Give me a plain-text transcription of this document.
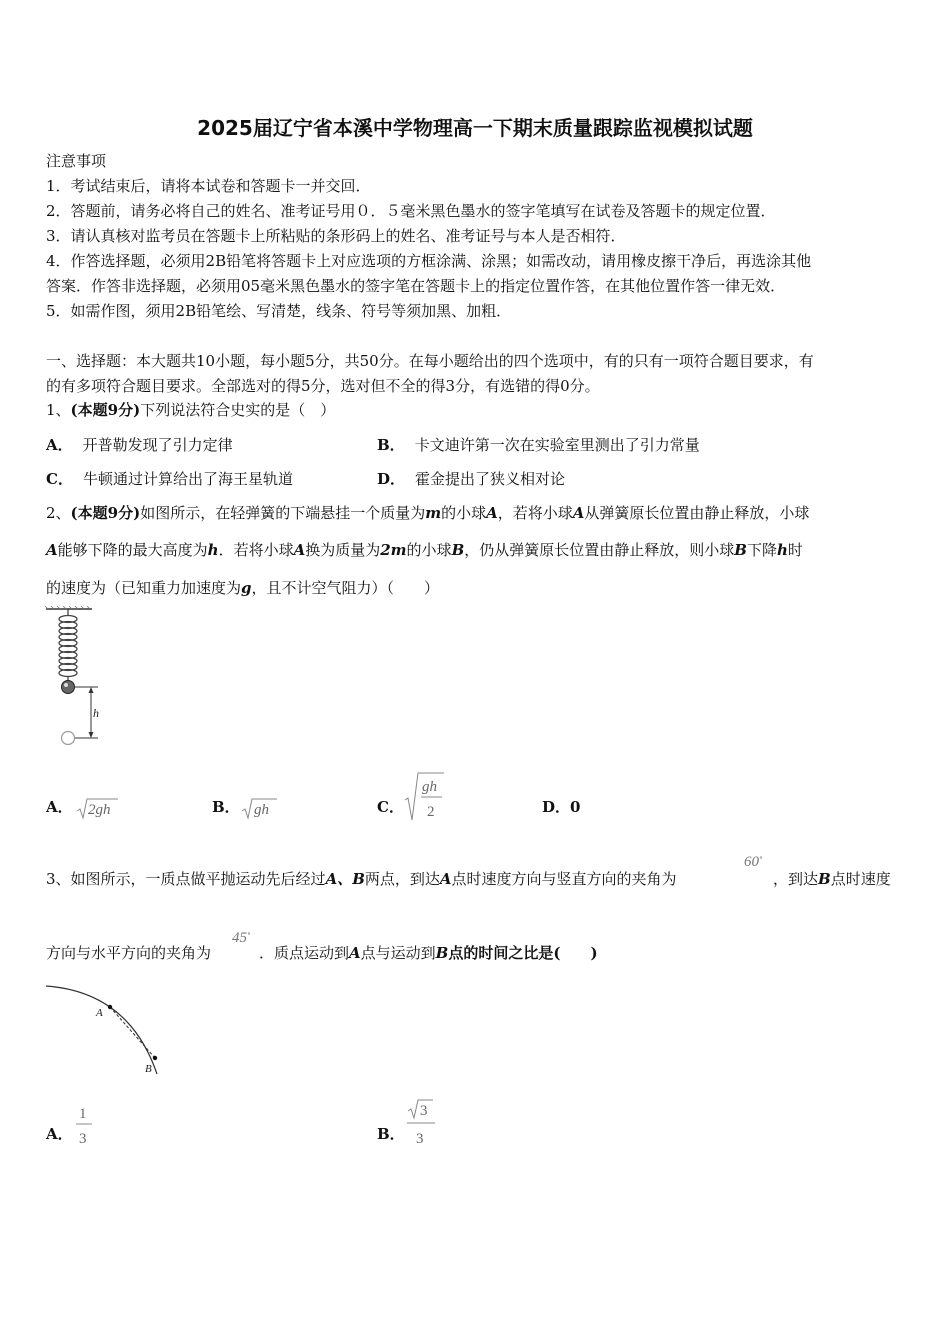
2025届辽宁省本溪中学物理高一下期末质量跟踪监视模拟试题
注意事项
1．考试结束后，请将本试卷和答题卡一并交回．
2．答题前，请务必将自己的姓名、准考证号用０．５毫米黑色墨水的签字笔填写在试卷及答题卡的规定位置．
3．请认真核对监考员在答题卡上所粘贴的条形码上的姓名、准考证号与本人是否相符．
4．作答选择题，必须用2B铅笔将答题卡上对应选项的方框涂满、涂黑；如需改动，请用橡皮擦干净后，再选涂其他
答案．作答非选择题，必须用05毫米黑色墨水的签字笔在答题卡上的指定位置作答，在其他位置作答一律无效．
5．如需作图，须用2B铅笔绘、写清楚，线条、符号等须加黑、加粗．
一、选择题：本大题共10小题，每小题5分，共50分。在每小题给出的四个选项中，有的只有一项符合题目要求，有
的有多项符合题目要求。全部选对的得5分，选对但不全的得3分，有选错的得0分。
1、(本题9分)下列说法符合史实的是（　）
A． 开普勒发现了引力定律	B． 卡文迪许第一次在实验室里测出了引力常量
C． 牛顿通过计算给出了海王星轨道	D． 霍金提出了狭义相对论
2、(本题9分)如图所示，在轻弹簧的下端悬挂一个质量为m的小球A，若将小球A从弹簧原长位置由静止释放，小球
A能够下降的最大高度为h．若将小球A换为质量为2m的小球B，仍从弹簧原长位置由静止释放，则小球B下降h时
的速度为（已知重力加速度为g，且不计空气阻力）（　　）
h
A． 2gh	B． gh	C．
gh
2	D．0
3、如图所示，一质点做平抛运动先后经过A、B两点，到达A点时速度方向与竖直方向的夹角为
60∘
，到达B点时速度
方向与水平方向的夹角为
45∘
．质点运动到A点与运动到B点的时间之比是(　　)
A
B
A．
1
3	B．
3
3
